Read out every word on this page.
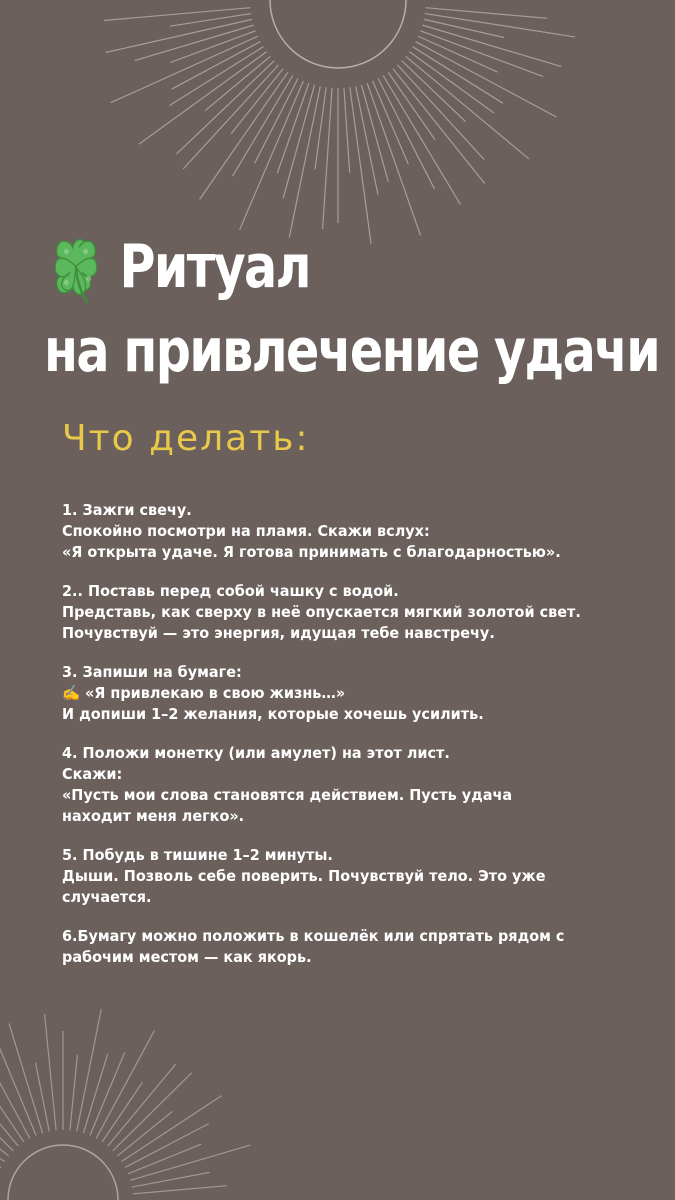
Ритуал
на привлечение удачи
Что делать:
1. Зажги свечу.
Спокойно посмотри на пламя. Скажи вслух:
«Я открыта удаче. Я готова принимать с благодарностью».
2.. Поставь перед собой чашку с водой.
Представь, как сверху в неё опускается мягкий золотой свет.
Почувствуй — это энергия, идущая тебе навстречу.
3. Запиши на бумаге:
✍️ «Я привлекаю в свою жизнь…»
И допиши 1–2 желания, которые хочешь усилить.
4. Положи монетку (или амулет) на этот лист.
Скажи:
«Пусть мои слова становятся действием. Пусть удача находит меня легко».
5. Побудь в тишине 1–2 минуты.
Дыши. Позволь себе поверить. Почувствуй тело. Это уже случается.
6.Бумагу можно положить в кошелёк или спрятать рядом с рабочим местом — как якорь.
